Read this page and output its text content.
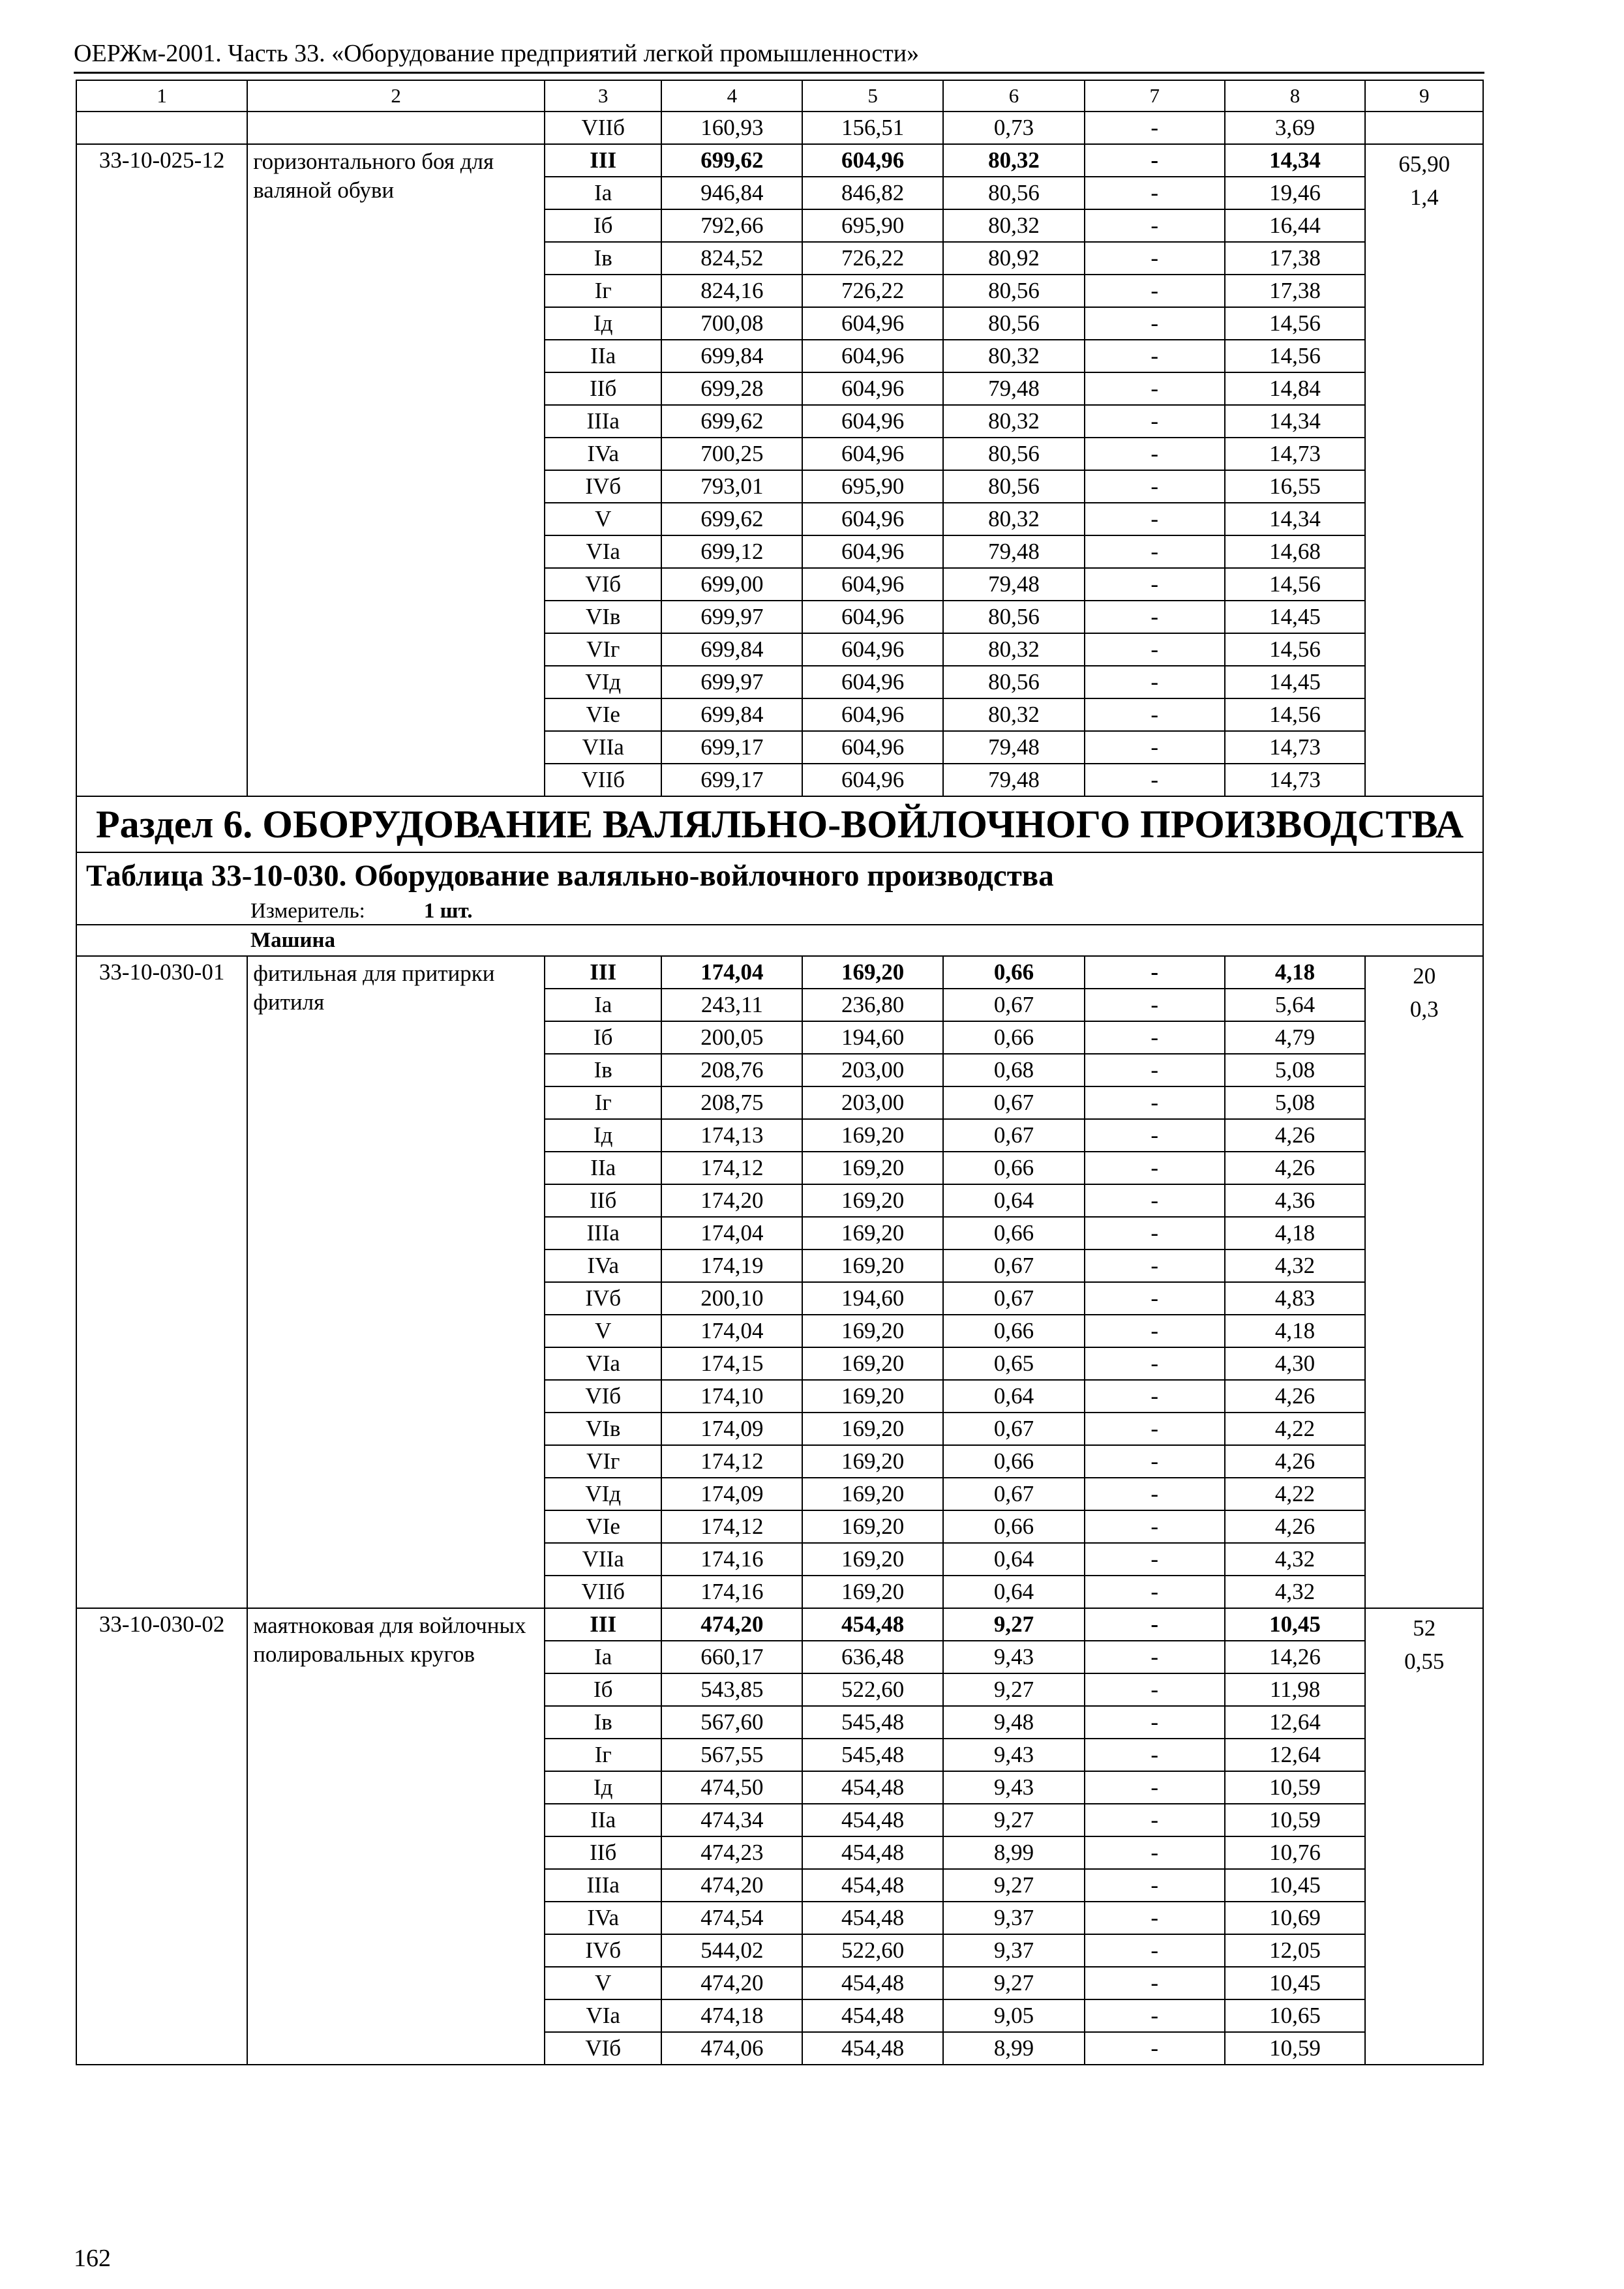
ОЕРЖм-2001. Часть 33. «Оборудование предприятий легкой промышленности»
1	2	3	4	5	6	7	8	9
		VIIб	160,93	156,51	0,73	-	3,69	
33-10-025-12	горизонтального боя для валяной обуви	III	699,62	604,96	80,32	-	14,34	65,90
1,4

		Ia	946,84	846,82	80,56	-	19,46	
		Iб	792,66	695,90	80,32	-	16,44	
		Iв	824,52	726,22	80,92	-	17,38	
		Iг	824,16	726,22	80,56	-	17,38	
		Iд	700,08	604,96	80,56	-	14,56	
		IIa	699,84	604,96	80,32	-	14,56	
		IIб	699,28	604,96	79,48	-	14,84	
		IIIa	699,62	604,96	80,32	-	14,34	
		IVa	700,25	604,96	80,56	-	14,73	
		IVб	793,01	695,90	80,56	-	16,55	
		V	699,62	604,96	80,32	-	14,34	
		VIa	699,12	604,96	79,48	-	14,68	
		VIб	699,00	604,96	79,48	-	14,56	
		VIв	699,97	604,96	80,56	-	14,45	
		VIг	699,84	604,96	80,32	-	14,56	
		VIд	699,97	604,96	80,56	-	14,45	
		VIe	699,84	604,96	80,32	-	14,56	
		VIIa	699,17	604,96	79,48	-	14,73	
		VIIб	699,17	604,96	79,48	-	14,73	
Раздел 6. ОБОРУДОВАНИЕ ВАЛЯЛЬНО-ВОЙЛОЧНОГО ПРОИЗВОДСТВА								
Таблица 33-10-030. Оборудование валяльно-войлочного производства								
Измеритель: 1 шт.								
Машина								
33-10-030-01	фитильная для притирки фитиля	III	174,04	169,20	0,66	-	4,18	20
0,3

		Ia	243,11	236,80	0,67	-	5,64	
		Iб	200,05	194,60	0,66	-	4,79	
		Iв	208,76	203,00	0,68	-	5,08	
		Iг	208,75	203,00	0,67	-	5,08	
		Iд	174,13	169,20	0,67	-	4,26	
		IIa	174,12	169,20	0,66	-	4,26	
		IIб	174,20	169,20	0,64	-	4,36	
		IIIa	174,04	169,20	0,66	-	4,18	
		IVa	174,19	169,20	0,67	-	4,32	
		IVб	200,10	194,60	0,67	-	4,83	
		V	174,04	169,20	0,66	-	4,18	
		VIa	174,15	169,20	0,65	-	4,30	
		VIб	174,10	169,20	0,64	-	4,26	
		VIв	174,09	169,20	0,67	-	4,22	
		VIг	174,12	169,20	0,66	-	4,26	
		VIд	174,09	169,20	0,67	-	4,22	
		VIe	174,12	169,20	0,66	-	4,26	
		VIIa	174,16	169,20	0,64	-	4,32	
		VIIб	174,16	169,20	0,64	-	4,32	
33-10-030-02	маятноковая для войлочных полировальных кругов	III	474,20	454,48	9,27	-	10,45	52
0,55

		Ia	660,17	636,48	9,43	-	14,26	
		Iб	543,85	522,60	9,27	-	11,98	
		Iв	567,60	545,48	9,48	-	12,64	
		Iг	567,55	545,48	9,43	-	12,64	
		Iд	474,50	454,48	9,43	-	10,59	
		IIa	474,34	454,48	9,27	-	10,59	
		IIб	474,23	454,48	8,99	-	10,76	
		IIIa	474,20	454,48	9,27	-	10,45	
		IVa	474,54	454,48	9,37	-	10,69	
		IVб	544,02	522,60	9,37	-	12,05	
		V	474,20	454,48	9,27	-	10,45	
		VIa	474,18	454,48	9,05	-	10,65	
		VIб	474,06	454,48	8,99	-	10,59	
162
